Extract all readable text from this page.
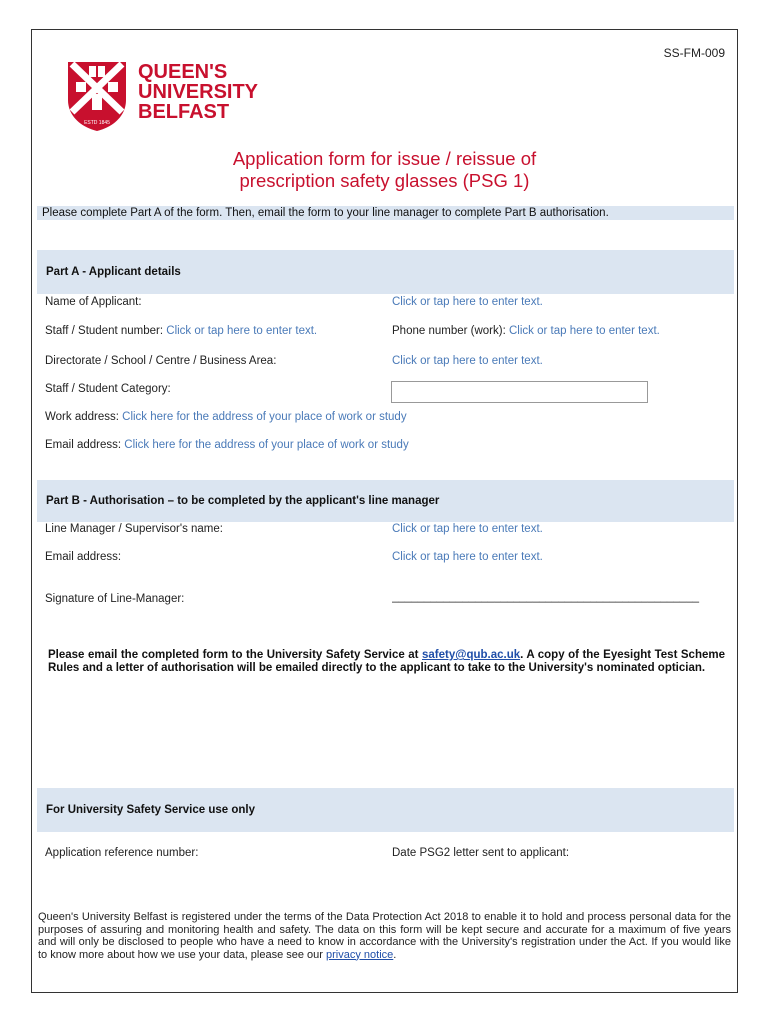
SS-FM-009
ESTD 1845
QUEEN'S
UNIVERSITY
BELFAST
Application form for issue / reissue of
prescription safety glasses (PSG 1)
Please complete Part A of the form. Then, email the form to your line manager to complete Part B authorisation.
Part A - Applicant details
Name of Applicant:	Click or tap here to enter text.
Staff / Student number: Click or tap here to enter text.	Phone number (work): Click or tap here to enter text.
Directorate / School / Centre / Business Area:	Click or tap here to enter text.
Staff / Student Category:
Work address: Click here for the address of your place of work or study
Email address: Click here for the address of your place of work or study
Part B - Authorisation – to be completed by the applicant's line manager
Line Manager / Supervisor's name:	Click or tap here to enter text.
Email address:	Click or tap here to enter text.
Signature of Line-Manager:	________________________________________________
Please email the completed form to the University Safety Service at safety@qub.ac.uk. A copy of the Eyesight Test Scheme Rules and a letter of authorisation will be emailed directly to the applicant to take to the University's nominated optician.
For University Safety Service use only
Application reference number:	Date PSG2 letter sent to applicant:
Queen's University Belfast is registered under the terms of the Data Protection Act 2018 to enable it to hold and process personal data for the purposes of assuring and monitoring health and safety. The data on this form will be kept secure and accurate for a maximum of five years and will only be disclosed to people who have a need to know in accordance with the University's registration under the Act. If you would like to know more about how we use your data, please see our privacy notice.
